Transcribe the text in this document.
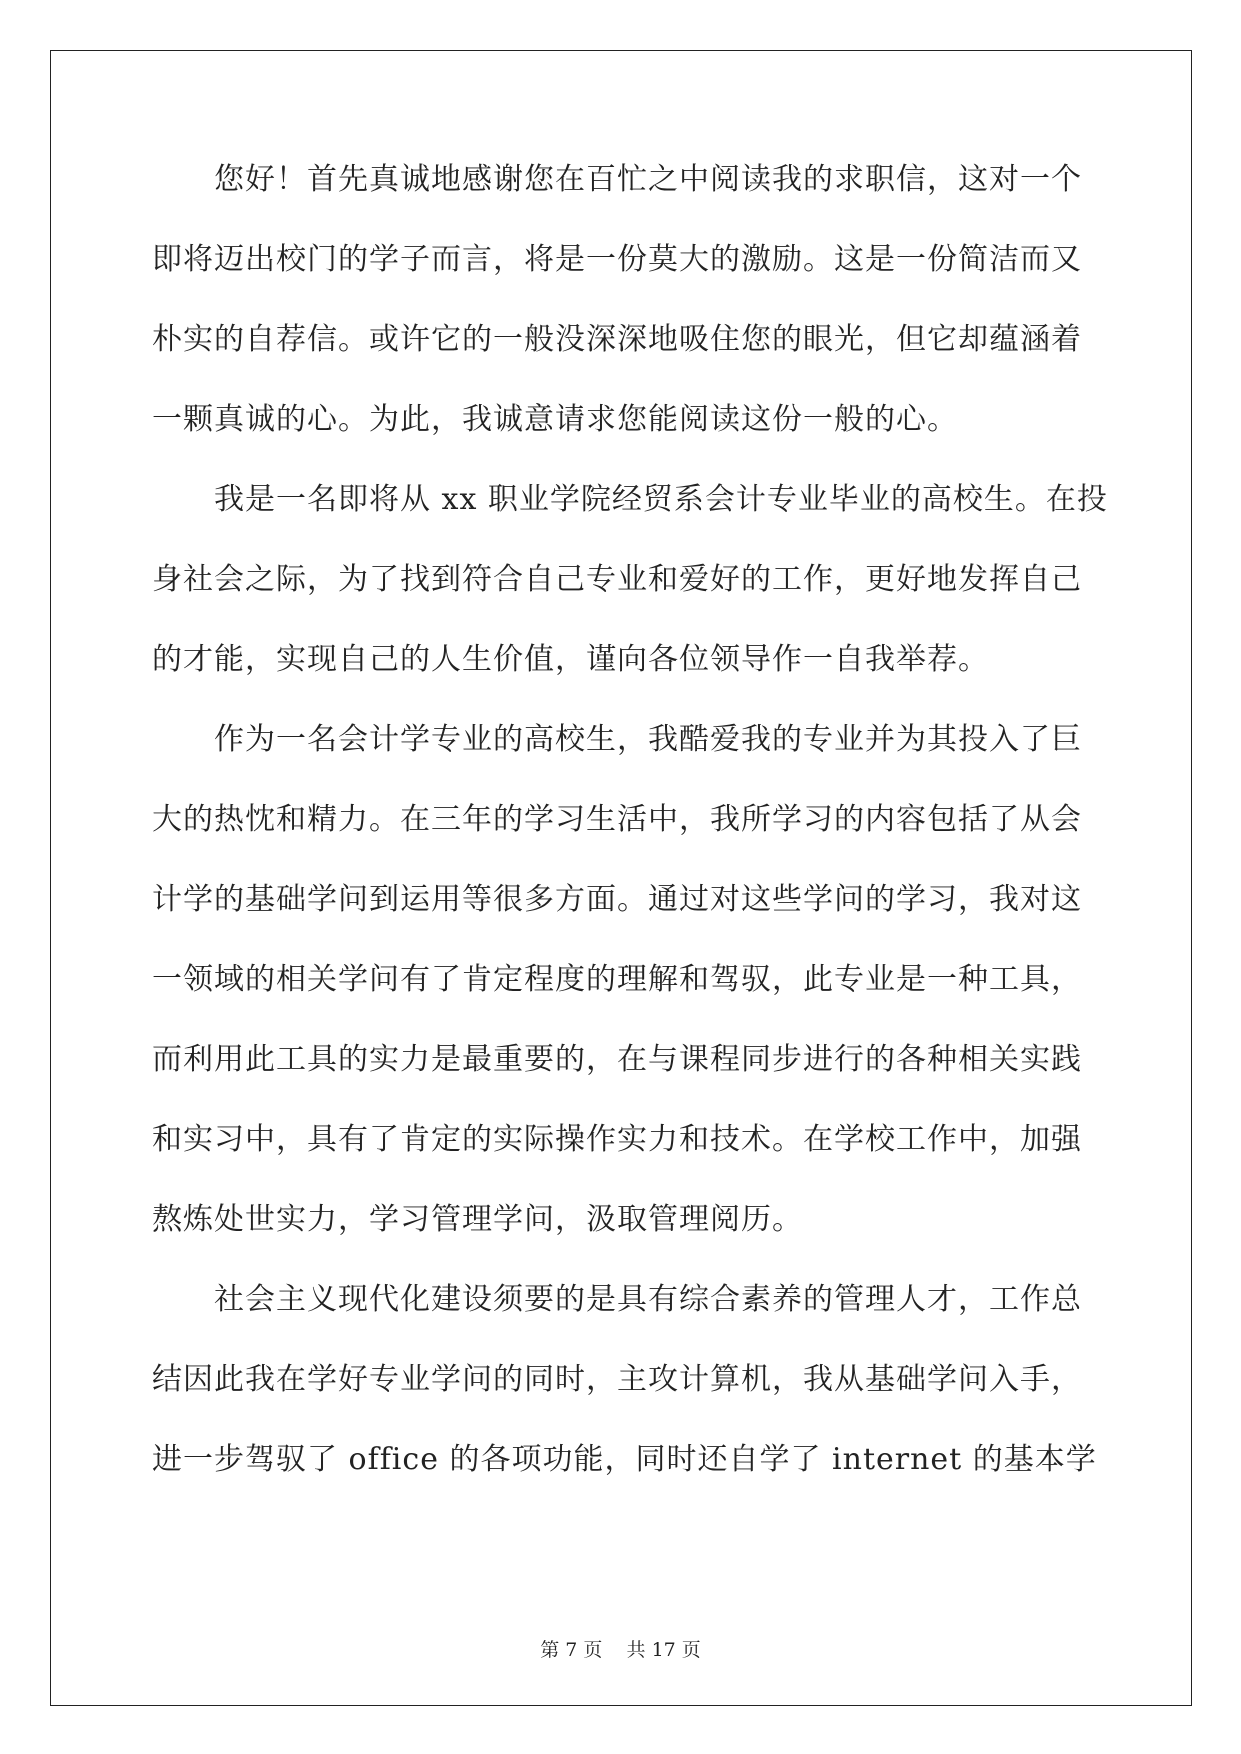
您好！首先真诚地感谢您在百忙之中阅读我的求职信，这对一个
即将迈出校门的学子而言，将是一份莫大的激励。这是一份简洁而又
朴实的自荐信。或许它的一般没深深地吸住您的眼光，但它却蕴涵着
一颗真诚的心。为此，我诚意请求您能阅读这份一般的心。
我是一名即将从 xx 职业学院经贸系会计专业毕业的高校生。在投
身社会之际，为了找到符合自己专业和爱好的工作，更好地发挥自己
的才能，实现自己的人生价值，谨向各位领导作一自我举荐。
作为一名会计学专业的高校生，我酷爱我的专业并为其投入了巨
大的热忱和精力。在三年的学习生活中，我所学习的内容包括了从会
计学的基础学问到运用等很多方面。通过对这些学问的学习，我对这
一领域的相关学问有了肯定程度的理解和驾驭，此专业是一种工具，
而利用此工具的实力是最重要的，在与课程同步进行的各种相关实践
和实习中，具有了肯定的实际操作实力和技术。在学校工作中，加强
熬炼处世实力，学习管理学问，汲取管理阅历。
社会主义现代化建设须要的是具有综合素养的管理人才，工作总
结因此我在学好专业学问的同时，主攻计算机，我从基础学问入手，
进一步驾驭了 office 的各项功能，同时还自学了 internet 的基本学
第 7 页 共 17 页
